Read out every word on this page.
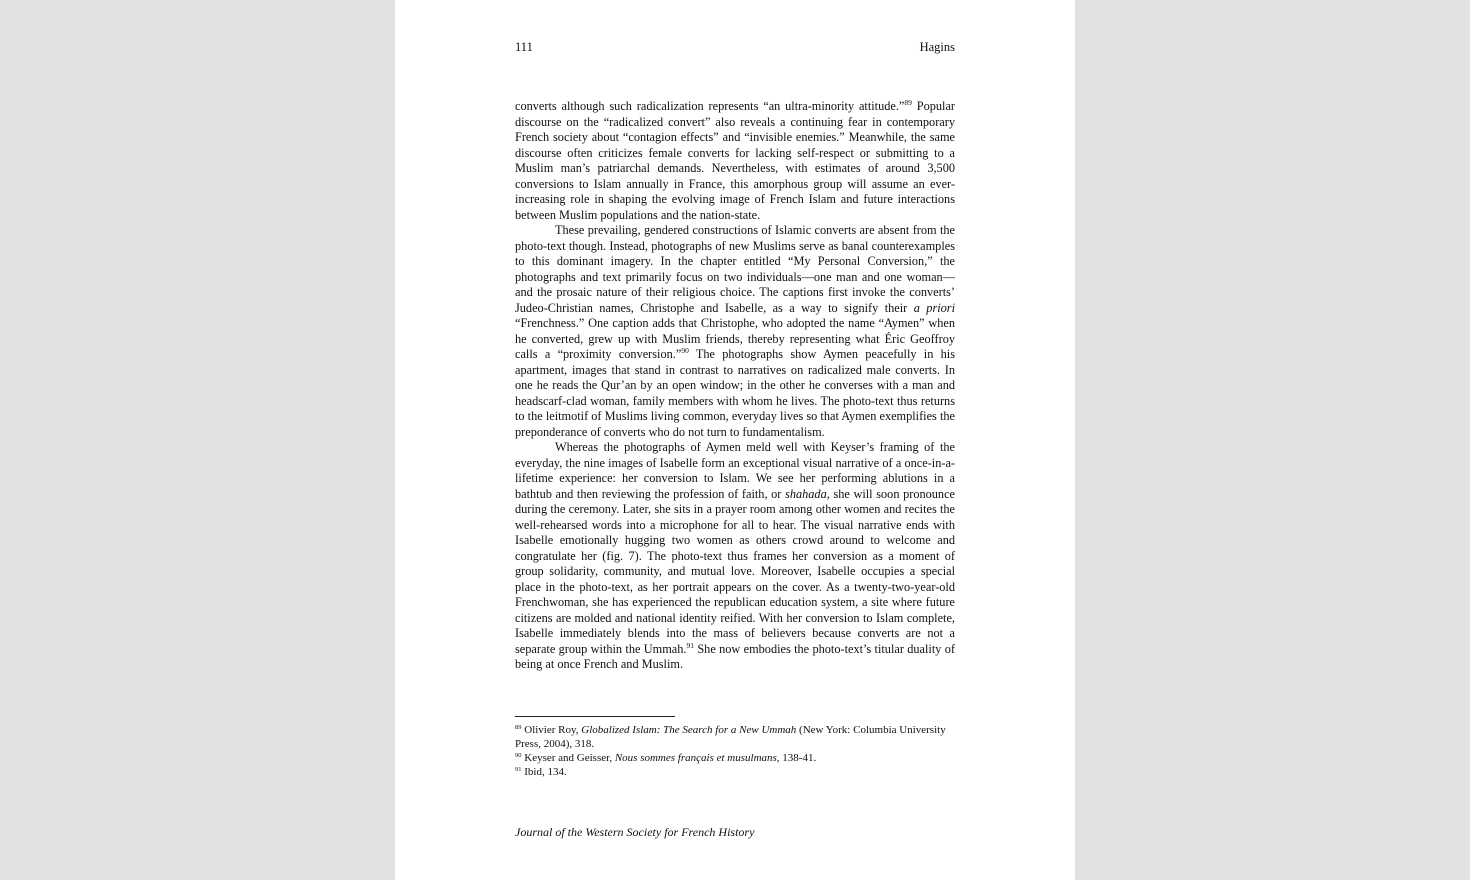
111	Hagins

converts although such radicalization represents “an ultra-minority attitude.”$^{89}$ Popular discourse on the “radicalized convert” also reveals a continuing fear in contemporary French society about “contagion effects” and “invisible enemies.” Meanwhile, the same discourse often criticizes female converts for lacking self-respect or submitting to a Muslim man’s patriarchal demands. Nevertheless, with estimates of around 3,500 conversions to Islam annually in France, this amorphous group will assume an ever-increasing role in shaping the evolving image of French Islam and future interactions between Muslim populations and the nation-state.

These prevailing, gendered constructions of Islamic converts are absent from the photo-text though. Instead, photographs of new Muslims serve as banal counterexamples to this dominant imagery. In the chapter entitled “My Personal Conversion,” the photographs and text primarily focus on two individuals—one man and one woman—and the prosaic nature of their religious choice. The captions first invoke the converts’ Judeo-Christian names, Christophe and Isabelle, as a way to signify their a priori “Frenchness.” One caption adds that Christophe, who adopted the name “Aymen” when he converted, grew up with Muslim friends, thereby representing what Éric Geoffroy calls a “proximity conversion.”$^{90}$ The photographs show Aymen peacefully in his apartment, images that stand in contrast to narratives on radicalized male converts. In one he reads the Qur’an by an open window; in the other he converses with a man and headscarf-clad woman, family members with whom he lives. The photo-text thus returns to the leitmotif of Muslims living common, everyday lives so that Aymen exemplifies the preponderance of converts who do not turn to fundamentalism.

Whereas the photographs of Aymen meld well with Keyser’s framing of the everyday, the nine images of Isabelle form an exceptional visual narrative of a once-in-a-lifetime experience: her conversion to Islam. We see her performing ablutions in a bathtub and then reviewing the profession of faith, or shahada, she will soon pronounce during the ceremony. Later, she sits in a prayer room among other women and recites the well-rehearsed words into a microphone for all to hear. The visual narrative ends with Isabelle emotionally hugging two women as others crowd around to welcome and congratulate her (fig. 7). The photo-text thus frames her conversion as a moment of group solidarity, community, and mutual love. Moreover, Isabelle occupies a special place in the photo-text, as her portrait appears on the cover. As a twenty-two-year-old Frenchwoman, she has experienced the republican education system, a site where future citizens are molded and national identity reified. With her conversion to Islam complete, Isabelle immediately blends into the mass of believers because converts are not a separate group within the Ummah.$^{91}$ She now embodies the photo-text’s titular duality of being at once French and Muslim.

$^{89}$ Olivier Roy, Globalized Islam: The Search for a New Ummah (New York: Columbia University Press, 2004), 318.

$^{90}$ Keyser and Geisser, Nous sommes français et musulmans, 138-41.

$^{91}$ Ibid, 134.

Journal of the Western Society for French History
